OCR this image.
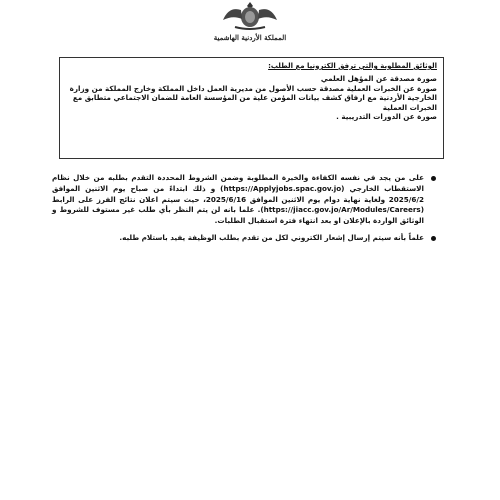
المملكة الأردنية الهاشمية
الوثائق المطلوبة والتي ترفق الكترونيا مع الطلب:
صورة مصدقة عن المؤهل العلمي
صورة عن الخبرات العملية مصدقة حسب الأصول من مديرية العمل داخل المملكة وخارج المملكة من وزارة الخارجية الأردنية مع ارفاق كشف بيانات المؤمن علية من المؤسسة العامة للضمان الاجتماعي متطابق مع الخبرات العملية
صورة عن الدورات التدريبية .
على من يجد في نفسه الكفاءة والخبرة المطلوبة وضمن الشروط المحددة التقدم بطلبه من خلال نظام الاستقطاب الخارجي (https://Applyjobs.spac.gov.jo) و ذلك ابتداءً من صباح يوم الاثنين الموافق 2025/6/2 ولغاية نهاية دوام يوم الاثنين الموافق 2025/6/16، حيث سيتم اعلان نتائج الفرز على الرابط (https://jiacc.gov.jo/Ar/Modules/Careers). علما بانه لن يتم النظر بأي طلب غير مستوف للشروط و الوثائق الواردة بالإعلان او بعد انتهاء فترة استقبال الطلبات.
علماً بأنه سيتم إرسال إشعار الكتروني لكل من تقدم بطلب الوظيفة يفيد باستلام طلبه.
